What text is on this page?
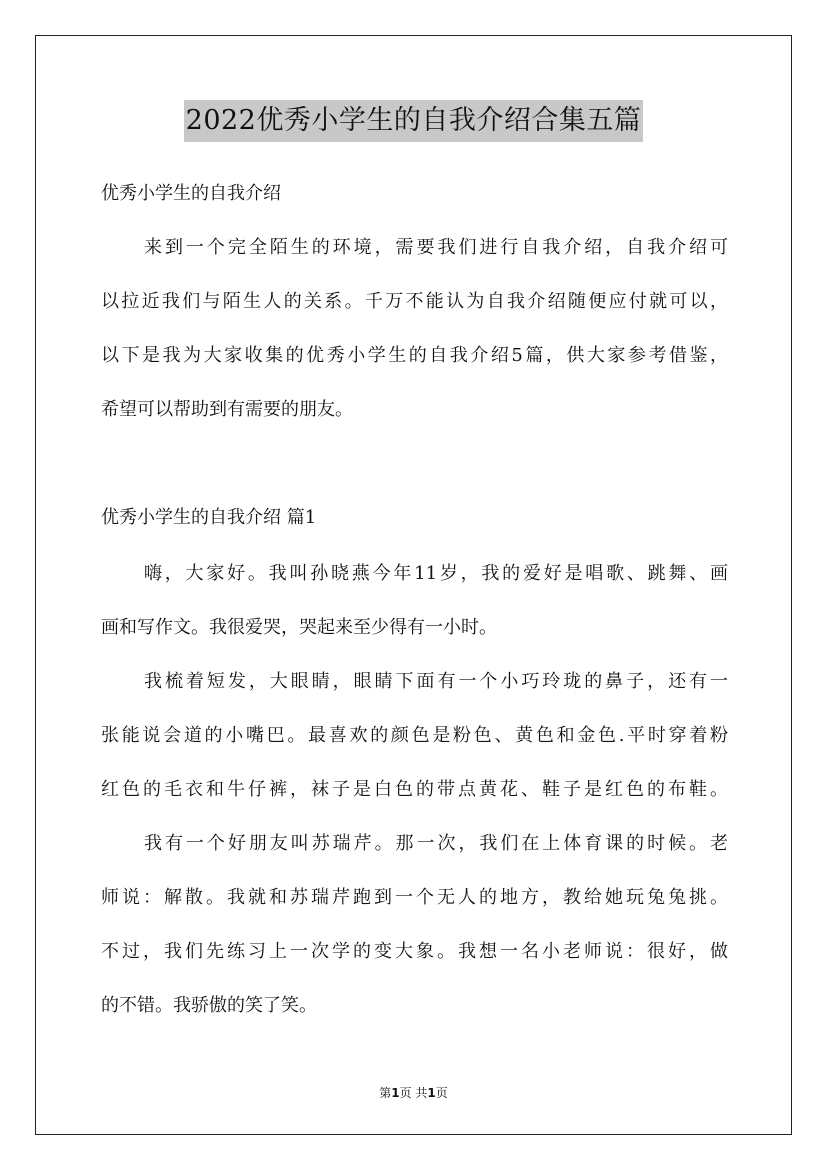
2022优秀小学生的自我介绍合集五篇
优秀小学生的自我介绍
来到一个完全陌生的环境，需要我们进行自我介绍，自我介绍可
以拉近我们与陌生人的关系。千万不能认为自我介绍随便应付就可以，
以下是我为大家收集的优秀小学生的自我介绍5篇，供大家参考借鉴，
希望可以帮助到有需要的朋友。
优秀小学生的自我介绍 篇1
嗨，大家好。我叫孙晓燕今年11岁，我的爱好是唱歌、跳舞、画
画和写作文。我很爱哭，哭起来至少得有一小时。
我梳着短发，大眼睛，眼睛下面有一个小巧玲珑的鼻子，还有一
张能说会道的小嘴巴。最喜欢的颜色是粉色、黄色和金色.平时穿着粉
红色的毛衣和牛仔裤，袜子是白色的带点黄花、鞋子是红色的布鞋。
我有一个好朋友叫苏瑞芹。那一次，我们在上体育课的时候。老
师说：解散。我就和苏瑞芹跑到一个无人的地方，教给她玩兔兔挑。
不过，我们先练习上一次学的变大象。我想一名小老师说：很好，做
的不错。我骄傲的笑了笑。
第1页 共1页
